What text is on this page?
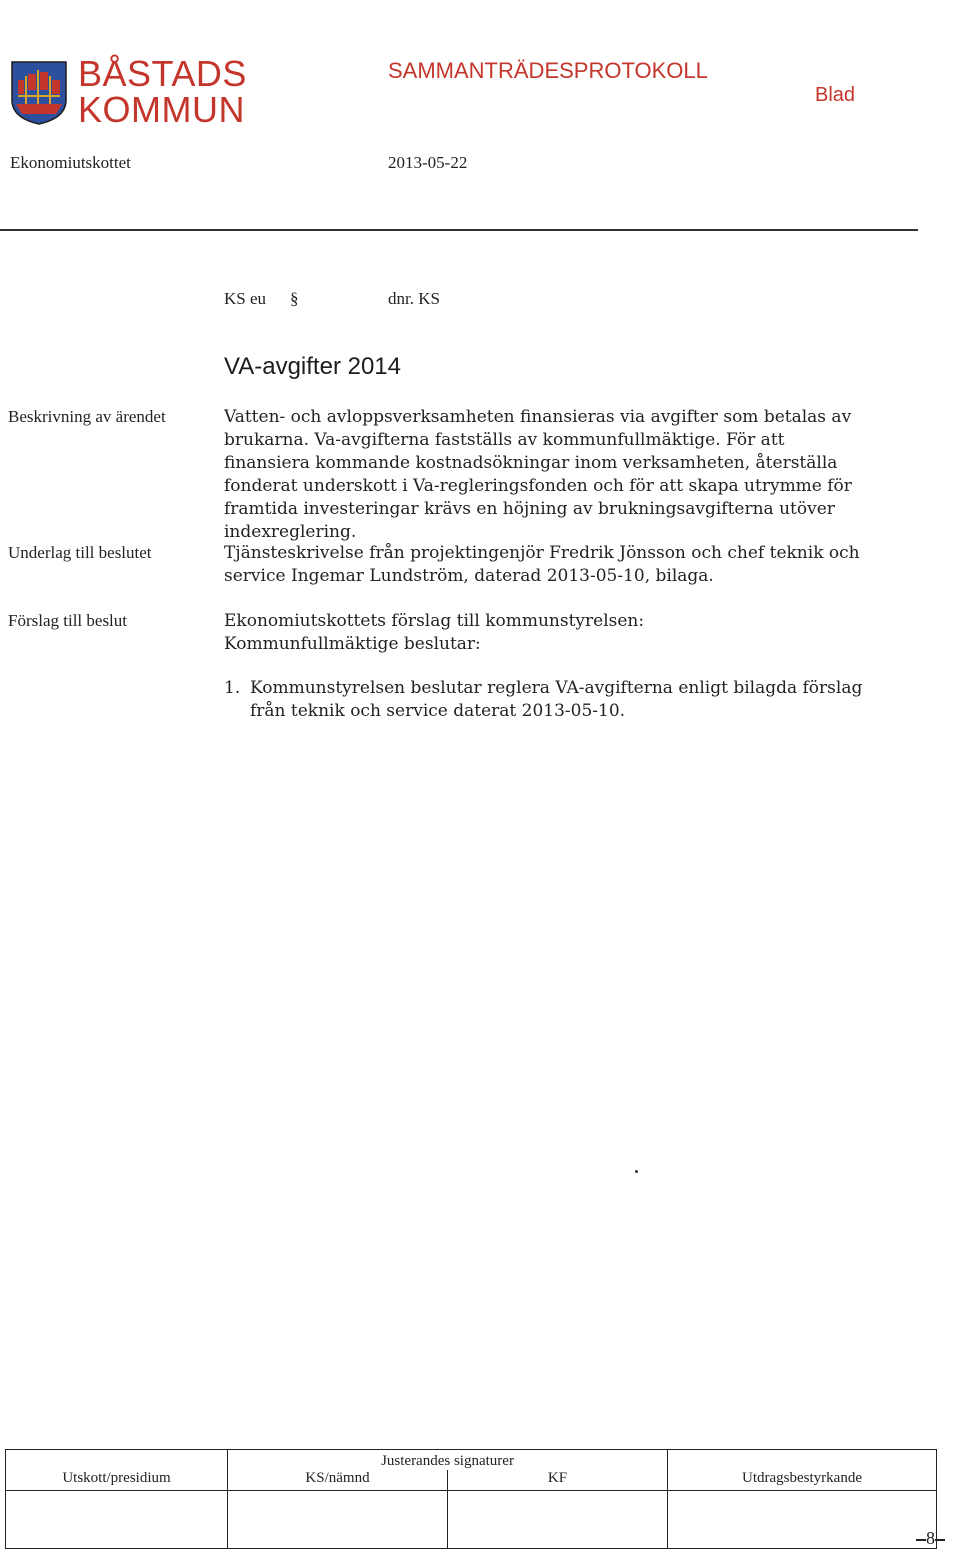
BÅSTADS
KOMMUN
SAMMANTRÄDESPROTOKOLL
Blad
Ekonomiutskottet	2013-05-22
KS eu §	dnr. KS
VA-avgifter 2014
Beskrivning av ärendet	Vatten- och avloppsverksamheten finansieras via avgifter som betalas av brukarna. Va-avgifterna fastställs av kommunfullmäktige. För att finansiera kommande kostnadsökningar inom verksamheten, återställa fonderat underskott i Va-regleringsfonden och för att skapa utrymme för framtida investeringar krävs en höjning av brukningsavgifterna utöver indexreglering.
Underlag till beslutet	Tjänsteskrivelse från projektingenjör Fredrik Jönsson och chef teknik och service Ingemar Lundström, daterad 2013-05-10, bilaga.
Förslag till beslut	Ekonomiutskottets förslag till kommunstyrelsen:
Kommunfullmäktige beslutar:
1. Kommunstyrelsen beslutar reglera VA-avgifterna enligt bilagda förslag från teknik och service daterat 2013-05-10.

	Justerandes signaturer		

Utskott/presidium	KS/nämnd	KF	Utdragsbestyrkande

8
